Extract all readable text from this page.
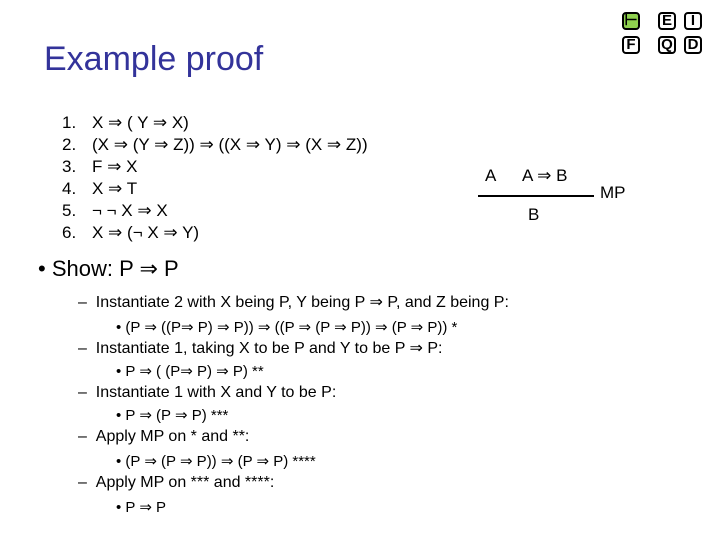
⊢
F
E	I
Q D
Example proof
1. X ⇒ ( Y ⇒ X)
2. (X ⇒ (Y ⇒ Z)) ⇒ ((X ⇒ Y) ⇒ (X ⇒ Z))
3. F ⇒ X
4. X ⇒ T
5. ¬ ¬ X ⇒ X
6. X ⇒ (¬ X ⇒ Y)
A A ⇒ B
B
MP
• Show: P ⇒ P
–  Instantiate 2 with X being P, Y being P ⇒ P, and Z being P:
• (P ⇒ ((P⇒ P) ⇒ P)) ⇒ ((P ⇒ (P ⇒ P)) ⇒ (P ⇒ P)) *
–  Instantiate 1, taking X to be P and Y to be P ⇒ P:
• P ⇒ ( (P⇒ P) ⇒ P) **
–  Instantiate 1 with X and Y to be P:
• P ⇒ (P ⇒ P) ***
–  Apply MP on * and **:
• (P ⇒ (P ⇒ P)) ⇒ (P ⇒ P) ****
–  Apply MP on *** and ****:
• P ⇒ P
